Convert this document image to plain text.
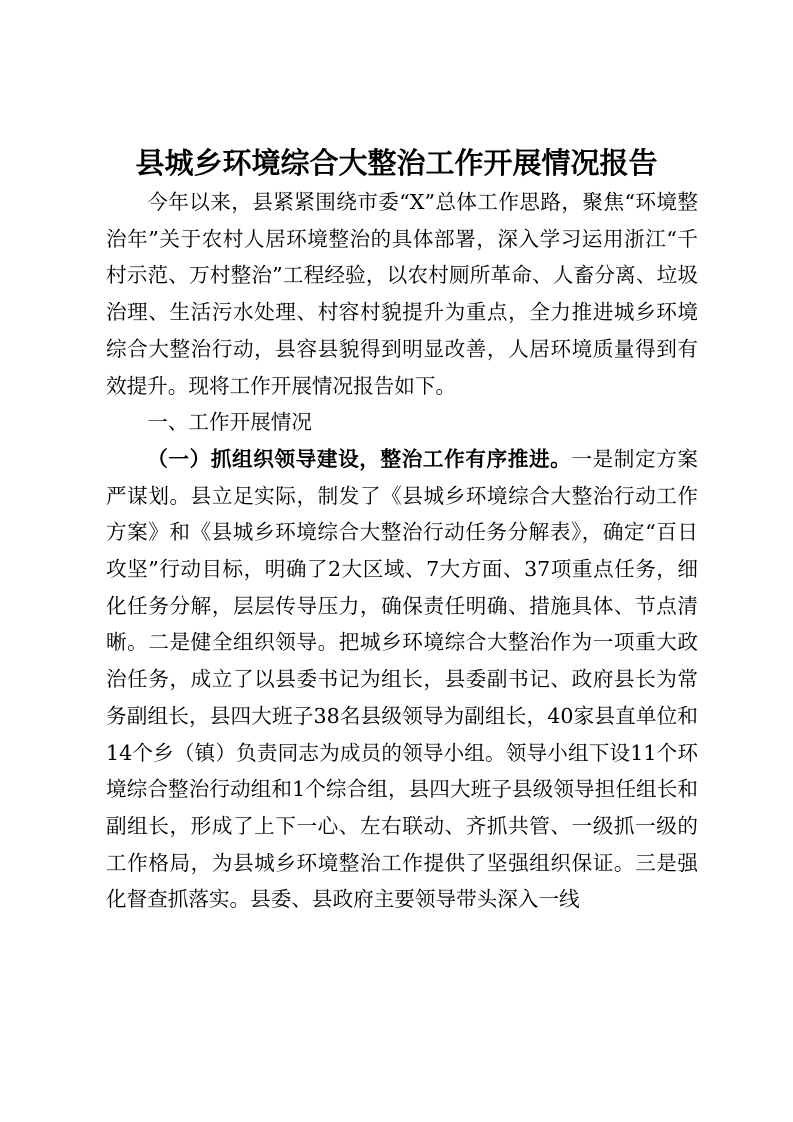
县城乡环境综合大整治工作开展情况报告

今年以来，县紧紧围绕市委“X”总体工作思路，聚焦“环境整治年”关于农村人居环境整治的具体部署，深入学习运用浙江“千村示范、万村整治”工程经验，以农村厕所革命、人畜分离、垃圾治理、生活污水处理、村容村貌提升为重点，全力推进城乡环境综合大整治行动，县容县貌得到明显改善，人居环境质量得到有效提升。现将工作开展情况报告如下。

一、工作开展情况

（一）抓组织领导建设，整治工作有序推进。一是制定方案严谋划。县立足实际，制发了《县城乡环境综合大整治行动工作方案》和《县城乡环境综合大整治行动任务分解表》，确定“百日攻坚”行动目标，明确了2大区域、7大方面、37项重点任务，细化任务分解，层层传导压力，确保责任明确、措施具体、节点清晰。二是健全组织领导。把城乡环境综合大整治作为一项重大政治任务，成立了以县委书记为组长，县委副书记、政府县长为常务副组长，县四大班子38名县级领导为副组长，40家县直单位和14个乡（镇）负责同志为成员的领导小组。领导小组下设11个环境综合整治行动组和1个综合组，县四大班子县级领导担任组长和副组长，形成了上下一心、左右联动、齐抓共管、一级抓一级的工作格局，为县城乡环境整治工作提供了坚强组织保证。三是强化督查抓落实。县委、县政府主要领导带头深入一线
